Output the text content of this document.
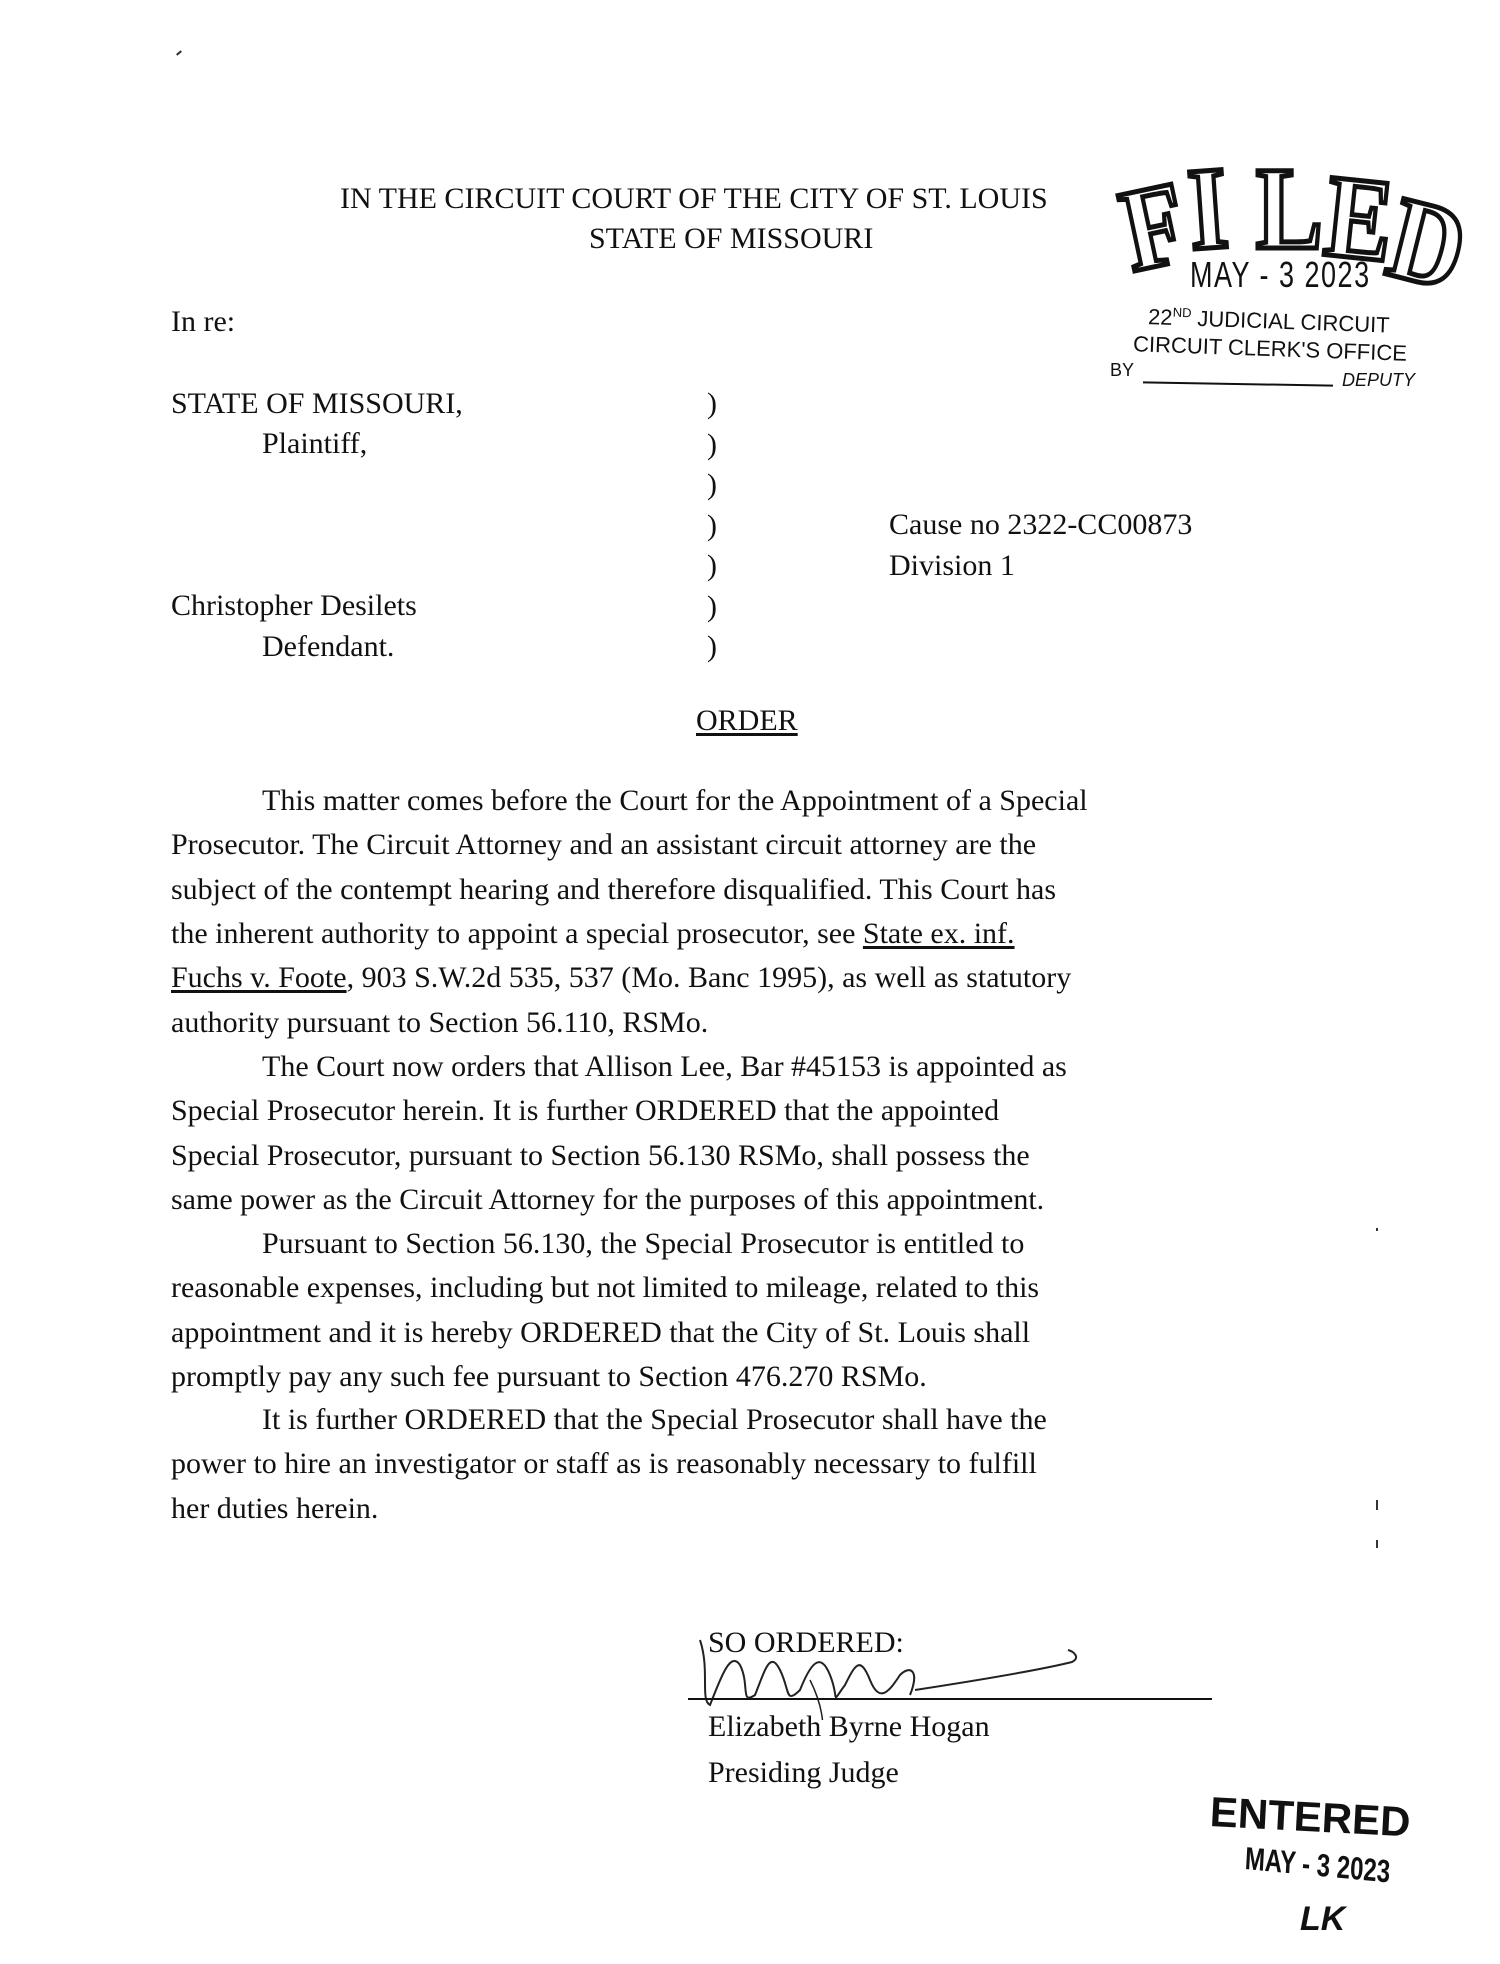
IN THE CIRCUIT COURT OF THE CITY OF ST. LOUIS
STATE OF MISSOURI
In re:
STATE OF MISSOURI,
Plaintiff,
Christopher Desilets
Defendant.
)
)
)
)
)
)
)
Cause no 2322-CC00873
Division 1
ORDER
This matter comes before the Court for the Appointment of a Special
Prosecutor. The Circuit Attorney and an assistant circuit attorney are the
subject of the contempt hearing and therefore disqualified. This Court has
the inherent authority to appoint a special prosecutor, see State ex. inf.
Fuchs v. Foote, 903 S.W.2d 535, 537 (Mo. Banc 1995), as well as statutory
authority pursuant to Section 56.110, RSMo.
The Court now orders that Allison Lee, Bar #45153 is appointed as
Special Prosecutor herein. It is further ORDERED that the appointed
Special Prosecutor, pursuant to Section 56.130 RSMo, shall possess the
same power as the Circuit Attorney for the purposes of this appointment.
Pursuant to Section 56.130, the Special Prosecutor is entitled to
reasonable expenses, including but not limited to mileage, related to this
appointment and it is hereby ORDERED that the City of St. Louis shall
promptly pay any such fee pursuant to Section 476.270 RSMo.
It is further ORDERED that the Special Prosecutor shall have the
power to hire an investigator or staff as is reasonably necessary to fulfill
her duties herein.
SO ORDERED:
Elizabeth Byrne Hogan
Presiding Judge
F
I L
E
D
MAY - 3 2023
22ND JUDICIAL CIRCUIT
CIRCUIT CLERK'S OFFICE
BY	DEPUTY
ENTERED
MAY - 3 2023
LK
